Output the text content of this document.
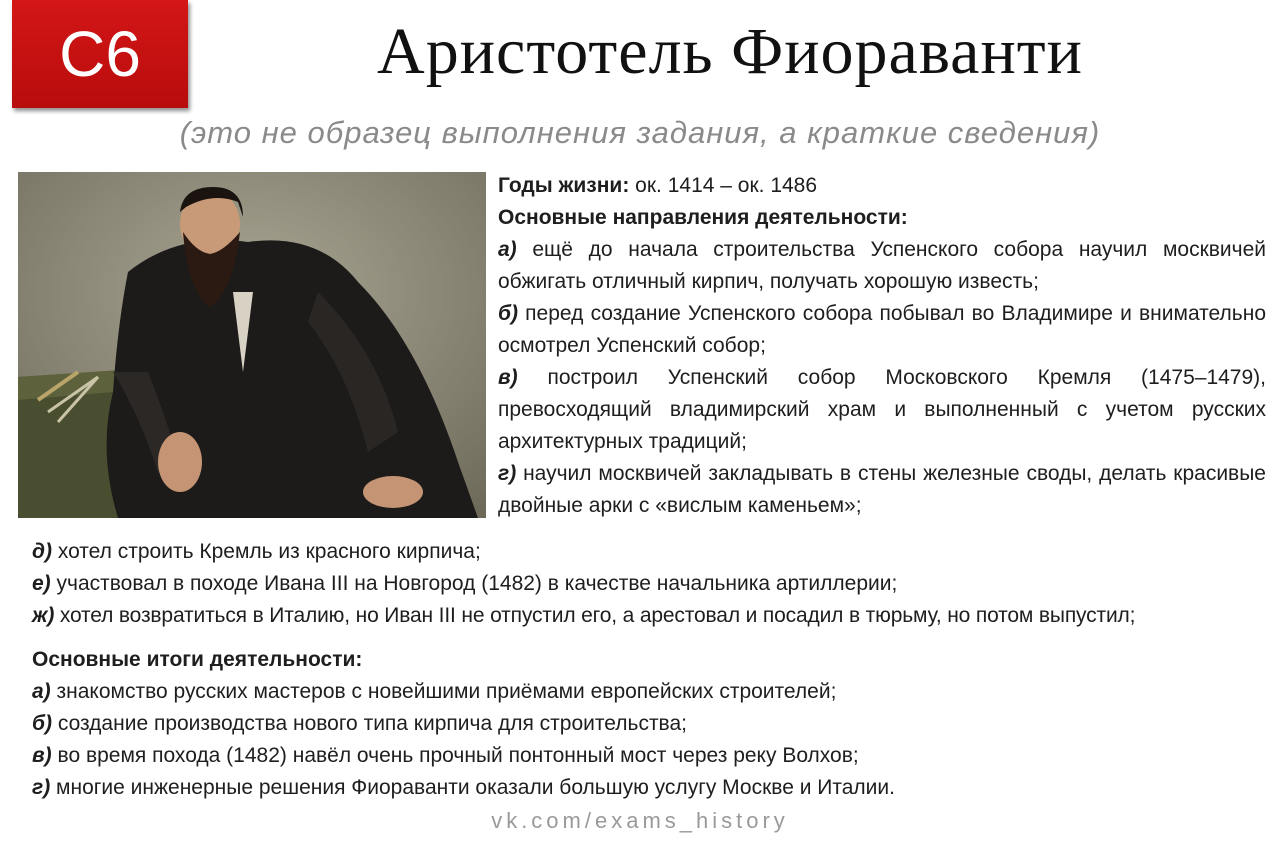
С6	Аристотель Фиораванти
(это не образец выполнения задания, а краткие сведения)

Годы жизни: ок. 1414 – ок. 1486

Основные направления деятельности:

а) ещё до начала строительства Успенского собора научил москвичей обжигать отличный кирпич, получать хорошую известь;

б) перед создание Успенского собора побывал во Владимире и внимательно осмотрел Успенский собор;

в) построил Успенский собор Московского Кремля (1475–1479), превосходящий владимирский храм и выполненный с учетом русских архитектурных традиций;

г) научил москвичей закладывать в стены железные своды, делать красивые двойные арки с «вислым каменьем»;

д) хотел строить Кремль из красного кирпича;

е) участвовал в походе Ивана III на Новгород (1482) в качестве начальника артиллерии;

ж) хотел возвратиться в Италию, но Иван III не отпустил его, а арестовал и посадил в тюрьму, но потом выпустил;

Основные итоги деятельности:

а) знакомство русских мастеров с новейшими приёмами европейских строителей;

б) создание производства нового типа кирпича для строительства;

в) во время похода (1482) навёл очень прочный понтонный мост через реку Волхов;

г) многие инженерные решения Фиораванти оказали большую услугу Москве и Италии.

vk.com/exams_history
